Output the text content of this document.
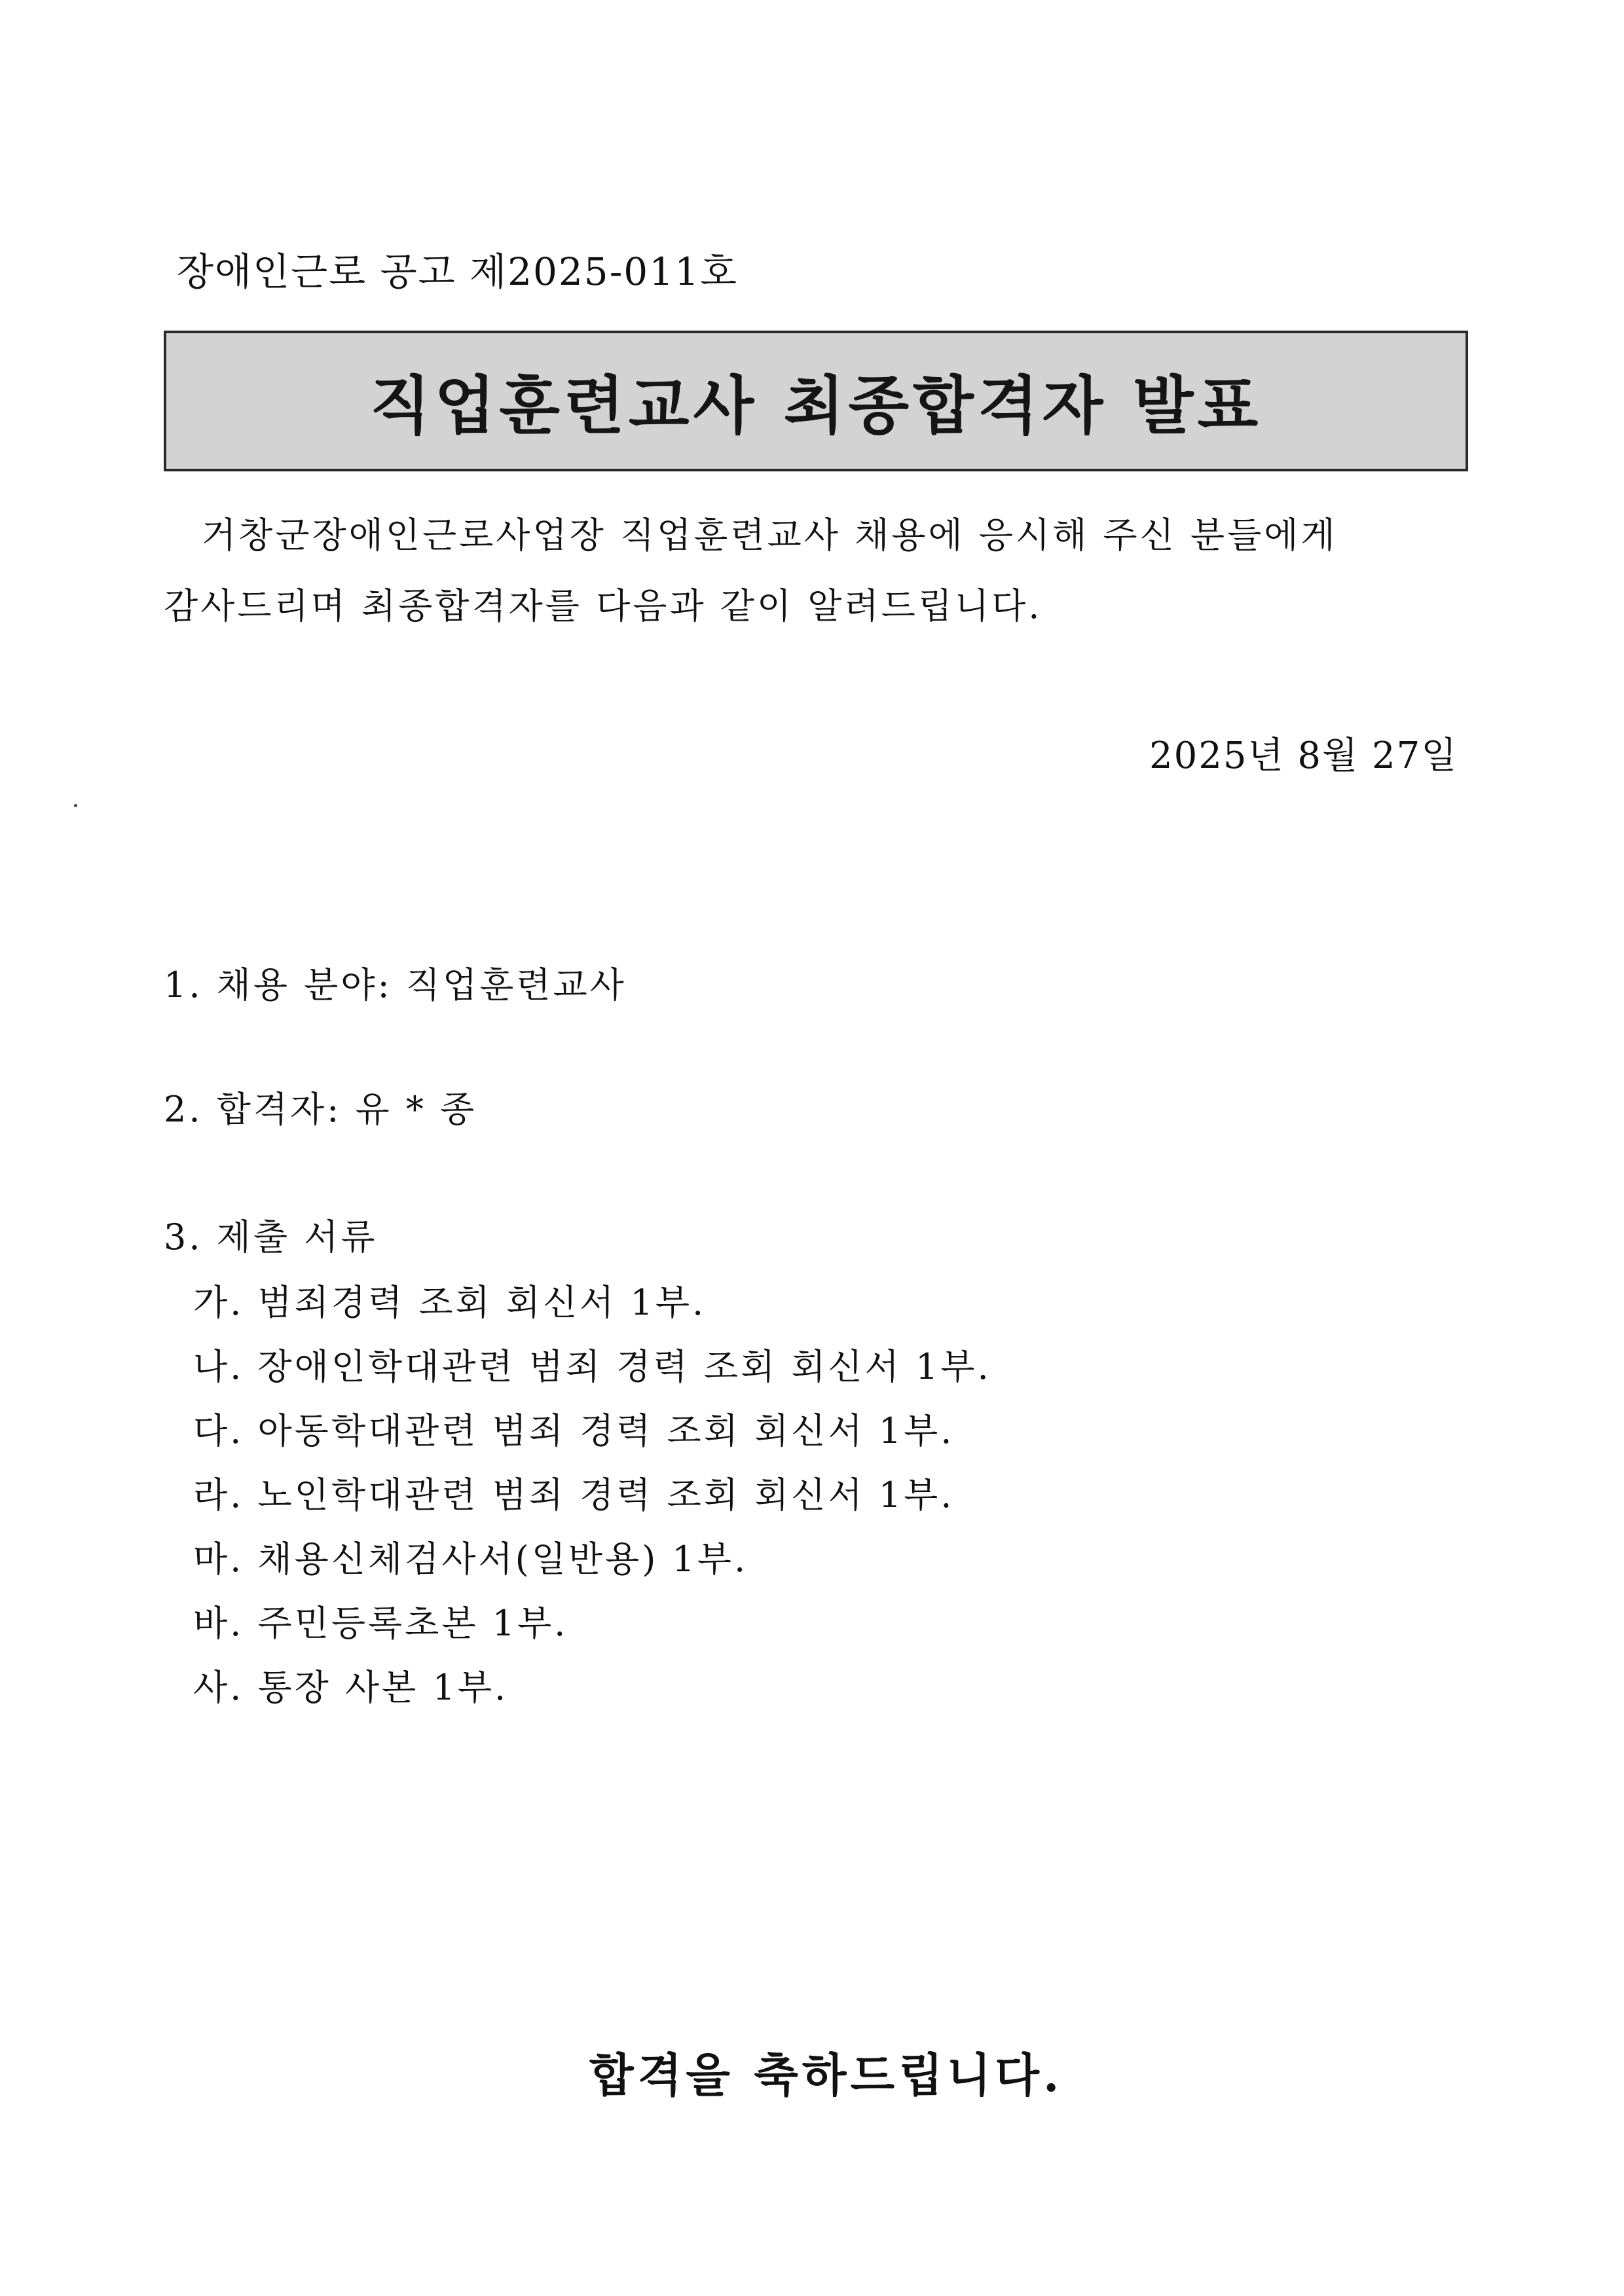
장애인근로 공고 제2025-011호
직업훈련교사 최종합격자 발표
거창군장애인근로사업장 직업훈련교사 채용에 응시해 주신 분들에게
감사드리며 최종합격자를 다음과 같이 알려드립니다.
2025년 8월 27일
1. 채용 분야: 직업훈련교사
2. 합격자: 유 * 종
3. 제출 서류
가. 범죄경력 조회 회신서 1부.
나. 장애인학대관련 범죄 경력 조회 회신서 1부.
다. 아동학대관련 범죄 경력 조회 회신서 1부.
라. 노인학대관련 범죄 경력 조회 회신서 1부.
마. 채용신체검사서(일반용) 1부.
바. 주민등록초본 1부.
사. 통장 사본 1부.
합격을 축하드립니다.
